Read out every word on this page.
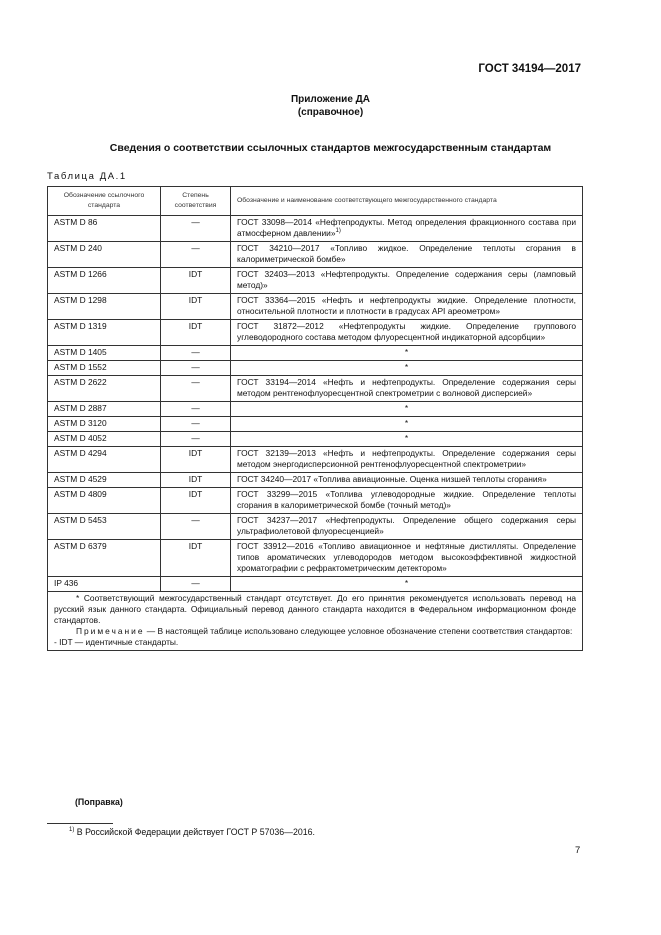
ГОСТ 34194—2017
Приложение ДА
(справочное)
Сведения о соответствии ссылочных стандартов межгосударственным стандартам
Таблица ДА.1
Обозначение ссылочного стандарта	Степень соответствия	Обозначение и наименование соответствующего межгосударственного стандарта
ASTM D 86	—	ГОСТ 33098—2014 «Нефтепродукты. Метод определения фракционного состава при атмосферном давлении»$^{1)}$
ASTM D 240	—	ГОСТ 34210—2017 «Топливо жидкое. Определение теплоты сгорания в калориметрической бомбе»
ASTM D 1266	IDT	ГОСТ 32403—2013 «Нефтепродукты. Определение содержания серы (ламповый метод)»
ASTM D 1298	IDT	ГОСТ 33364—2015 «Нефть и нефтепродукты жидкие. Определение плотности, относительной плотности и плотности в градусах API ареометром»
ASTM D 1319	IDT	ГОСТ 31872—2012 «Нефтепродукты жидкие. Определение группового углеводородного состава методом флуоресцентной индикаторной адсорбции»
ASTM D 1405	—	*
ASTM D 1552	—	*
ASTM D 2622	—	ГОСТ 33194—2014 «Нефть и нефтепродукты. Определение содержания серы методом рентгенофлуоресцентной спектрометрии с волновой дисперсией»
ASTM D 2887	—	*
ASTM D 3120	—	*
ASTM D 4052	—	*
ASTM D 4294	IDT	ГОСТ 32139—2013 «Нефть и нефтепродукты. Определение содержания серы методом энергодисперсионной рентгенофлуоресцентной спектрометрии»
ASTM D 4529	IDT	ГОСТ 34240—2017 «Топлива авиационные. Оценка низшей теплоты сгорания»
ASTM D 4809	IDT	ГОСТ 33299—2015 «Топлива углеводородные жидкие. Определение теплоты сгорания в калориметрической бомбе (точный метод)»
ASTM D 5453	—	ГОСТ 34237—2017 «Нефтепродукты. Определение общего содержания серы ультрафиолетовой флуоресценцией»
ASTM D 6379	IDT	ГОСТ 33912—2016 «Топливо авиационное и нефтяные дистилляты. Определение типов ароматических углеводородов методом высокоэффективной жидкостной хроматографии с рефрактометрическим детектором»
IP 436	—	*

* Соответствующий межгосударственный стандарт отсутствует. До его принятия рекомендуется использовать перевод на русский язык данного стандарта. Официальный перевод данного стандарта находится в Федеральном информационном фонде стандартов.

Примечание — В настоящей таблице использовано следующее условное обозначение степени соответствия стандартов:

- IDT — идентичные стандарты.		

(Поправка)
$^{1)}$ В Российской Федерации действует ГОСТ Р 57036—2016.
7
